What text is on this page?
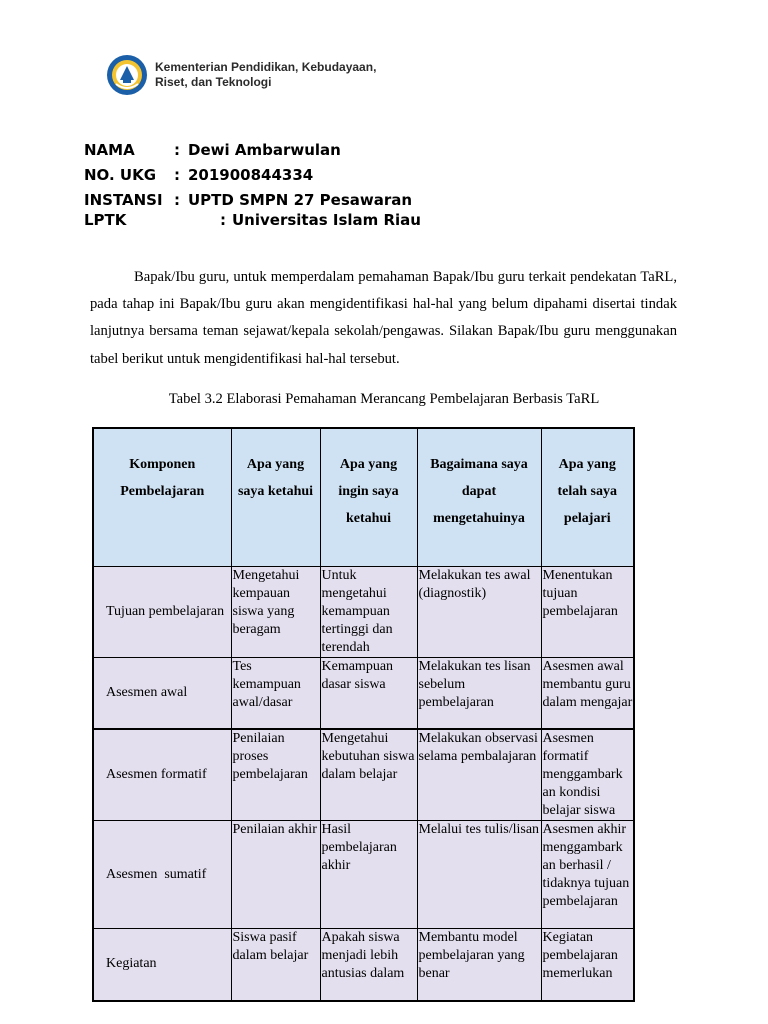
Kementerian Pendidikan, Kebudayaan,
Riset, dan Teknologi
NAMA	: Dewi Ambarwulan
NO. UKG : 201900844334
INSTANSI : UPTD SMPN 27 Pesawaran
LPTK	: Universitas Islam Riau

Bapak/Ibu guru, untuk memperdalam pemahaman Bapak/Ibu guru terkait pendekatan TaRL, pada tahap ini Bapak/Ibu guru akan mengidentifikasi hal-hal yang belum dipahami disertai tindak lanjutnya bersama teman sejawat/kepala sekolah/pengawas. Silakan Bapak/Ibu guru menggunakan tabel berikut untuk mengidentifikasi hal-hal tersebut.

Tabel 3.2 Elaborasi Pemahaman Merancang Pembelajaran Berbasis TaRL
Komponen Pembelajaran	Apa yang saya ketahui	Apa yang ingin saya ketahui	Bagaimana saya dapat mengetahuinya	Apa yang telah saya pelajari
Tujuan pembelajaran	Mengetahui kempauan siswa yang beragam	Untuk mengetahui kemampuan tertinggi dan terendah	Melakukan tes awal (diagnostik)	Menentukan tujuan pembelajaran
Asesmen awal	Tes kemampuan awal/dasar	Kemampuan dasar siswa	Melakukan tes lisan sebelum pembelajaran	Asesmen awal membantu guru dalam mengajar
Asesmen formatif	Penilaian proses pembelajaran	Mengetahui kebutuhan siswa dalam belajar	Melakukan observasi selama pembalajaran	Asesmen formatif menggambark an kondisi belajar siswa
Asesmen  sumatif	Penilaian akhir	Hasil pembelajaran akhir	Melalui tes tulis/lisan	Asesmen akhir menggambark an berhasil / tidaknya tujuan pembelajaran
Kegiatan	Siswa pasif dalam belajar	Apakah siswa menjadi lebih antusias dalam	Membantu model pembelajaran yang benar	Kegiatan pembelajaran memerlukan
